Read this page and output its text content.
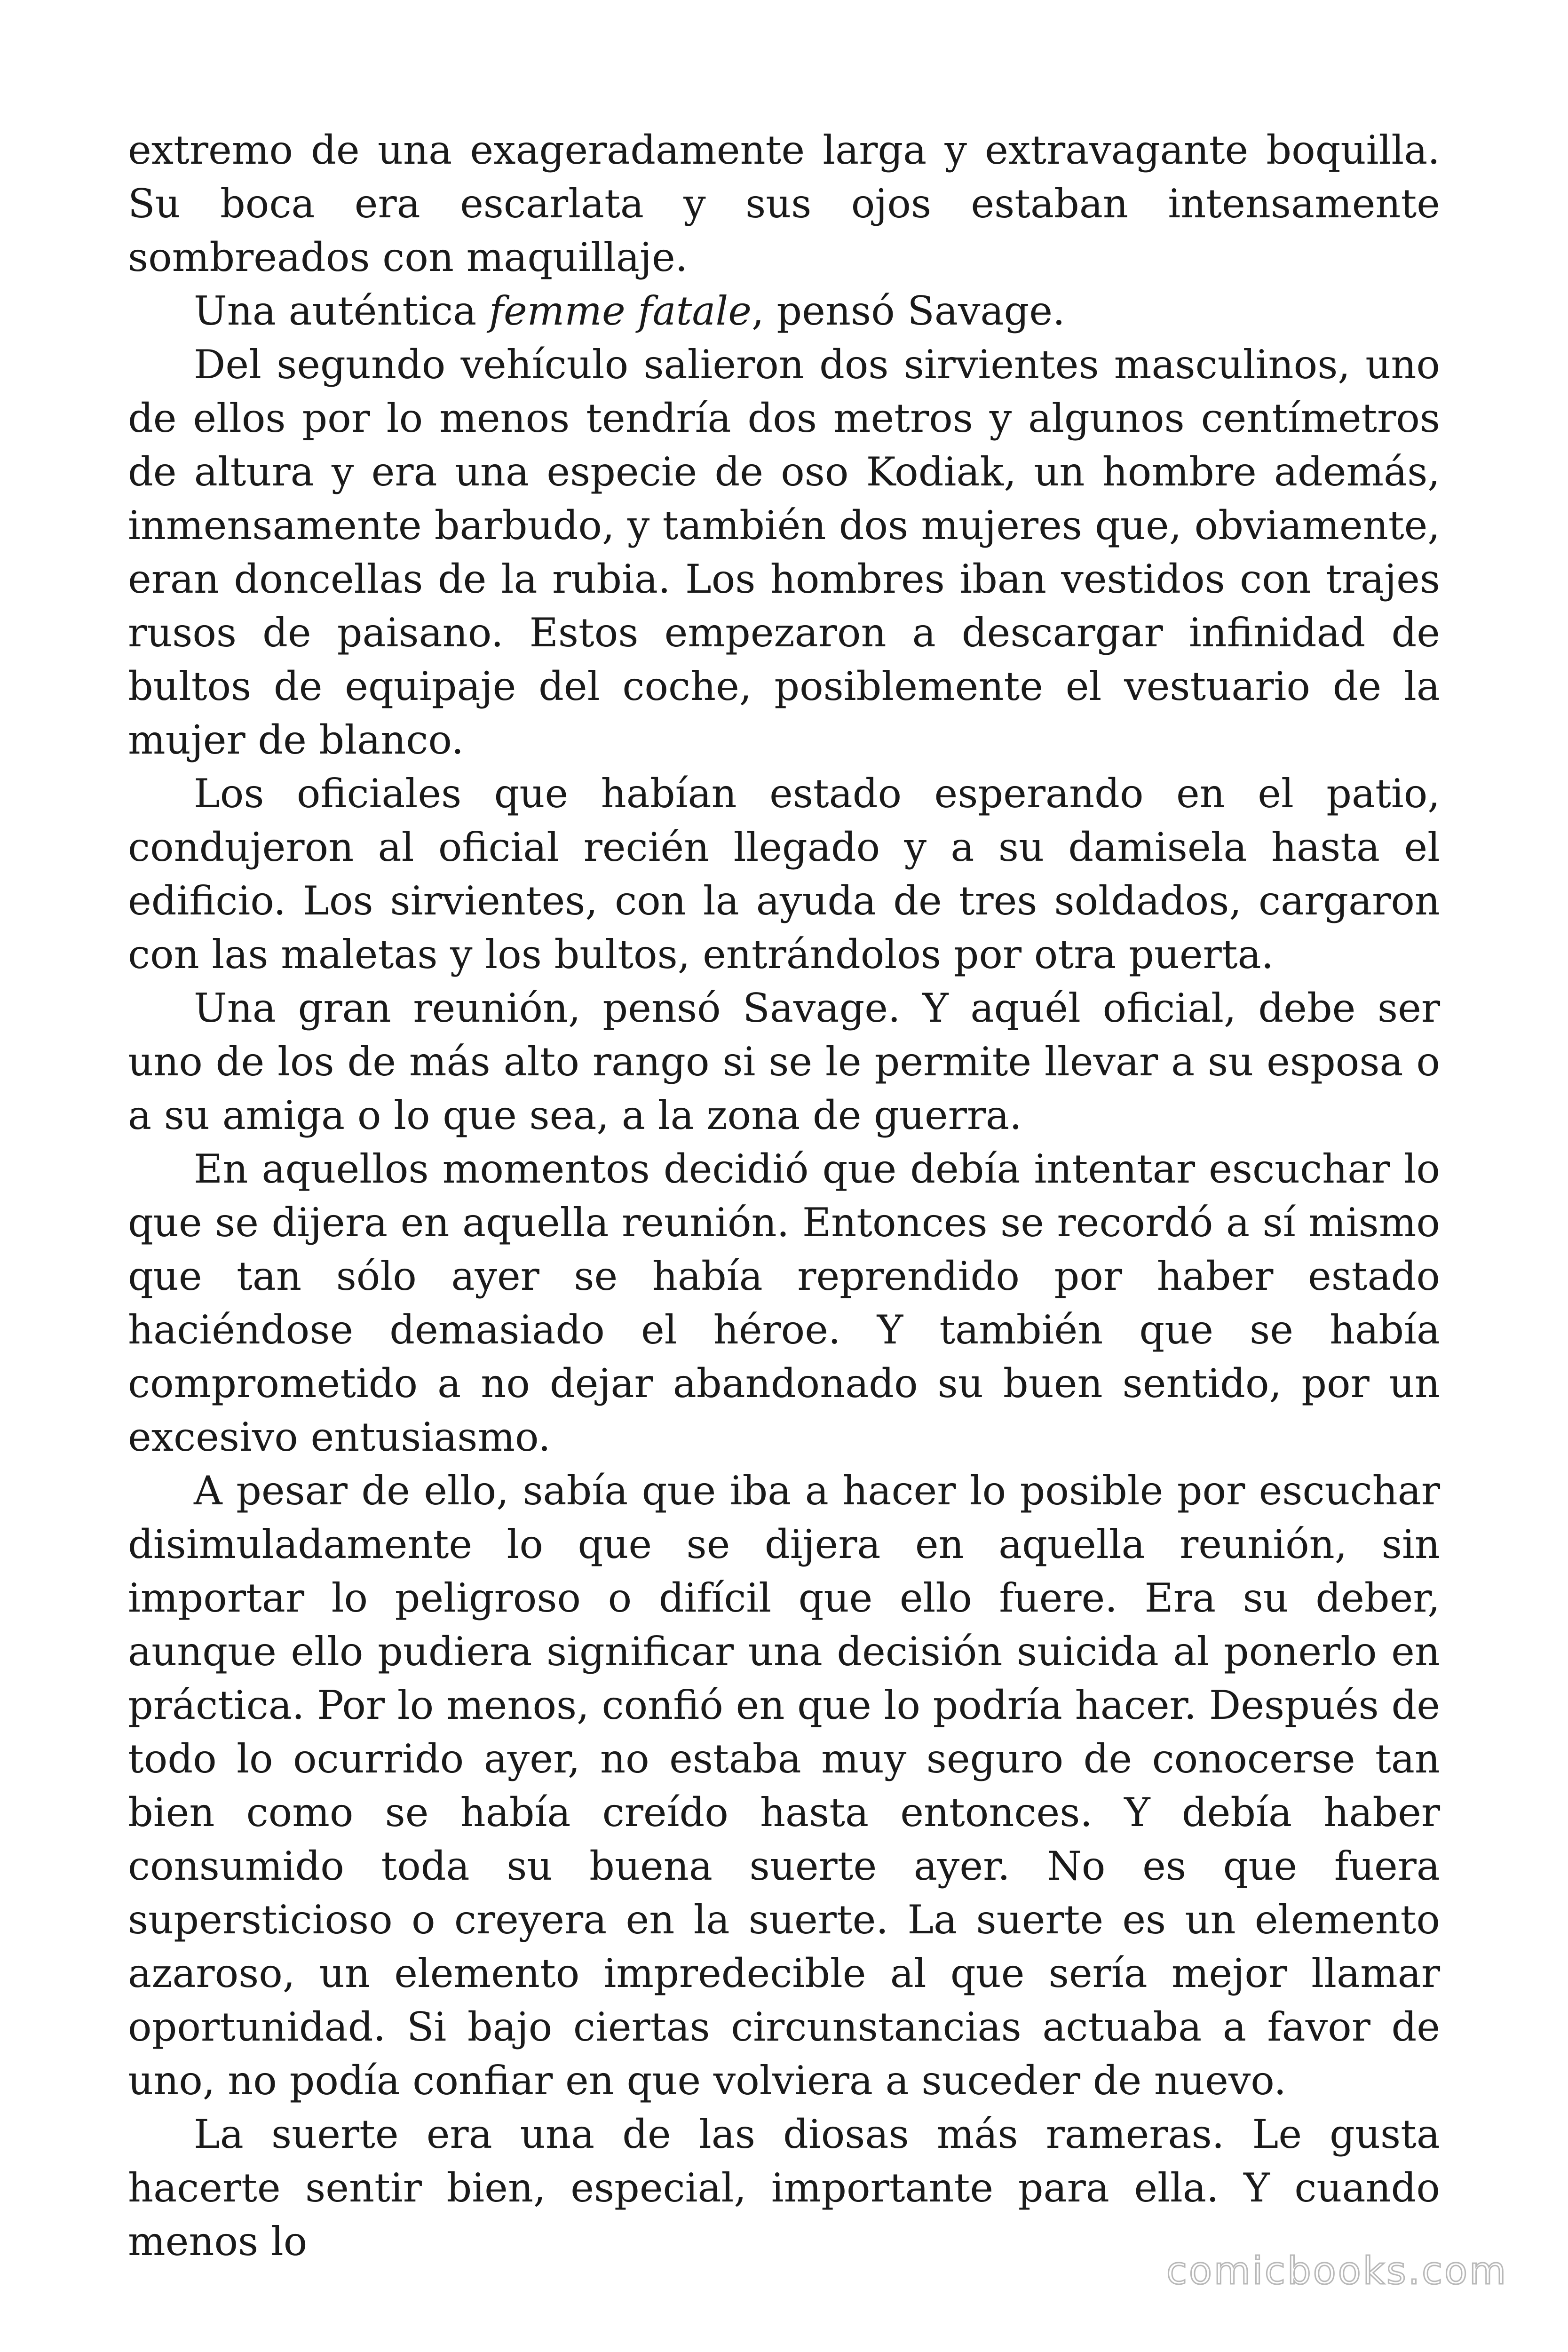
extremo de una exageradamente larga y extravagante boquilla. Su boca era escarlata y sus ojos estaban intensamente sombreados con maquillaje.

Una auténtica femme fatale, pensó Savage.

Del segundo vehículo salieron dos sirvientes masculinos, uno de ellos por lo menos tendría dos metros y algunos centímetros de altura y era una especie de oso Kodiak, un hombre además, inmensamente barbudo, y también dos mujeres que, obviamente, eran doncellas de la rubia. Los hombres iban vestidos con trajes rusos de paisano. Estos empezaron a descargar infinidad de bultos de equipaje del coche, posiblemente el vestuario de la mujer de blanco.

Los oficiales que habían estado esperando en el patio, condujeron al oficial recién llegado y a su damisela hasta el edificio. Los sirvientes, con la ayuda de tres soldados, cargaron con las maletas y los bultos, entrándolos por otra puerta.

Una gran reunión, pensó Savage. Y aquél oficial, debe ser uno de los de más alto rango si se le permite llevar a su esposa o a su amiga o lo que sea, a la zona de guerra.

En aquellos momentos decidió que debía intentar escuchar lo que se dijera en aquella reunión. Entonces se recordó a sí mismo que tan sólo ayer se había reprendido por haber estado haciéndose demasiado el héroe. Y también que se había comprometido a no dejar abandonado su buen sentido, por un excesivo entusiasmo.

A pesar de ello, sabía que iba a hacer lo posible por escuchar disimuladamente lo que se dijera en aquella reunión, sin importar lo peligroso o difícil que ello fuere. Era su deber, aunque ello pudiera significar una decisión suicida al ponerlo en práctica. Por lo menos, confió en que lo podría hacer. Después de todo lo ocurrido ayer, no estaba muy seguro de conocerse tan bien como se había creído hasta entonces. Y debía haber consumido toda su buena suerte ayer. No es que fuera supersticioso o creyera en la suerte. La suerte es un elemento azaroso, un elemento impredecible al que sería mejor llamar oportunidad. Si bajo ciertas circunstancias actuaba a favor de uno, no podía confiar en que volviera a suceder de nuevo.

La suerte era una de las diosas más rameras. Le gusta hacerte sentir bien, especial, importante para ella. Y cuando menos lo

comicbooks.com
